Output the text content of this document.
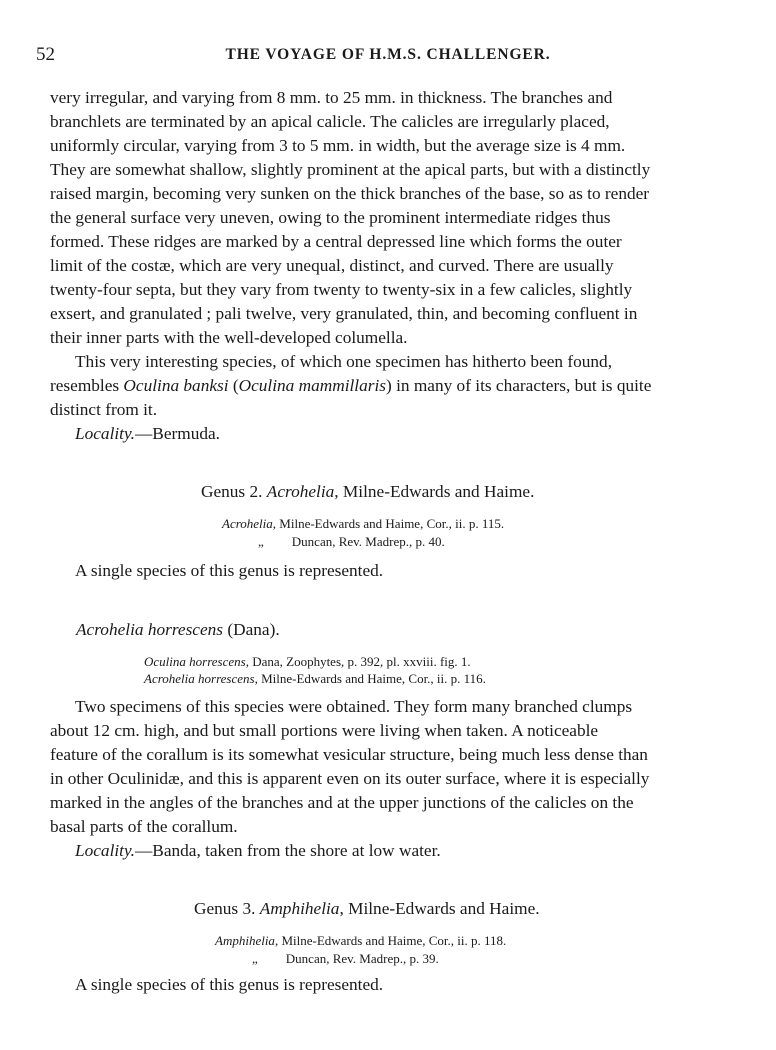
52	THE VOYAGE OF H.M.S. CHALLENGER.
very irregular, and varying from 8 mm. to 25 mm. in thickness. The branches and
branchlets are terminated by an apical calicle. The calicles are irregularly placed,
uniformly circular, varying from 3 to 5 mm. in width, but the average size is 4 mm.
They are somewhat shallow, slightly prominent at the apical parts, but with a distinctly
raised margin, becoming very sunken on the thick branches of the base, so as to render
the general surface very uneven, owing to the prominent intermediate ridges thus
formed. These ridges are marked by a central depressed line which forms the outer
limit of the costæ, which are very unequal, distinct, and curved. There are usually
twenty-four septa, but they vary from twenty to twenty-six in a few calicles, slightly
exsert, and granulated ; pali twelve, very granulated, thin, and becoming confluent in
their inner parts with the well-developed columella.
This very interesting species, of which one specimen has hitherto been found,
resembles Oculina banksi (Oculina mammillaris) in many of its characters, but is quite
distinct from it.
Locality.—Bermuda.
Genus 2. Acrohelia, Milne-Edwards and Haime.
Acrohelia, Milne-Edwards and Haime, Cor., ii. p. 115.
„ Duncan, Rev. Madrep., p. 40.
A single species of this genus is represented.
Acrohelia horrescens (Dana).
Oculina horrescens, Dana, Zoophytes, p. 392, pl. xxviii. fig. 1.
Acrohelia horrescens, Milne-Edwards and Haime, Cor., ii. p. 116.
Two specimens of this species were obtained. They form many branched clumps
about 12 cm. high, and but small portions were living when taken. A noticeable
feature of the corallum is its somewhat vesicular structure, being much less dense than
in other Oculinidæ, and this is apparent even on its outer surface, where it is especially
marked in the angles of the branches and at the upper junctions of the calicles on the
basal parts of the corallum.
Locality.—Banda, taken from the shore at low water.
Genus 3. Amphihelia, Milne-Edwards and Haime.
Amphihelia, Milne-Edwards and Haime, Cor., ii. p. 118.
„ Duncan, Rev. Madrep., p. 39.
A single species of this genus is represented.
